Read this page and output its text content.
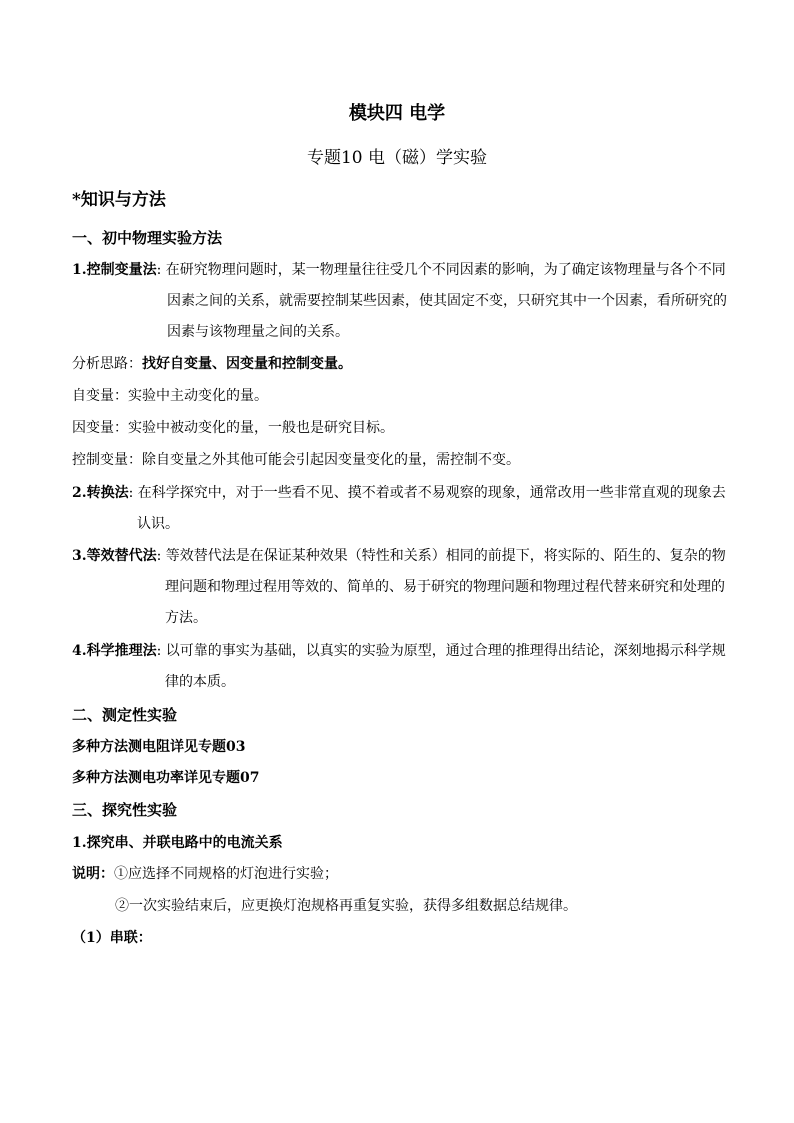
模块四 电学
专题10 电（磁）学实验
*知识与方法
一、初中物理实验方法
1.控制变量法: 在研究物理问题时，某一物理量往往受几个不同因素的影响，为了确定该物理量与各个不同
因素之间的关系，就需要控制某些因素，使其固定不变，只研究其中一个因素，看所研究的
因素与该物理量之间的关系。
分析思路：找好自变量、因变量和控制变量。
自变量：实验中主动变化的量。
因变量：实验中被动变化的量，一般也是研究目标。
控制变量：除自变量之外其他可能会引起因变量变化的量，需控制不变。
2.转换法: 在科学探究中，对于一些看不见、摸不着或者不易观察的现象，通常改用一些非常直观的现象去
认识。
3.等效替代法: 等效替代法是在保证某种效果（特性和关系）相同的前提下，将实际的、陌生的、复杂的物
理问题和物理过程用等效的、简单的、易于研究的物理问题和物理过程代替来研究和处理的
方法。
4.科学推理法: 以可靠的事实为基础，以真实的实验为原型，通过合理的推理得出结论，深刻地揭示科学规
律的本质。
二、测定性实验
多种方法测电阻详见专题03
多种方法测电功率详见专题07
三、探究性实验
1.探究串、并联电路中的电流关系
说明：①应选择不同规格的灯泡进行实验；
②一次实验结束后，应更换灯泡规格再重复实验，获得多组数据总结规律。
（1）串联：
